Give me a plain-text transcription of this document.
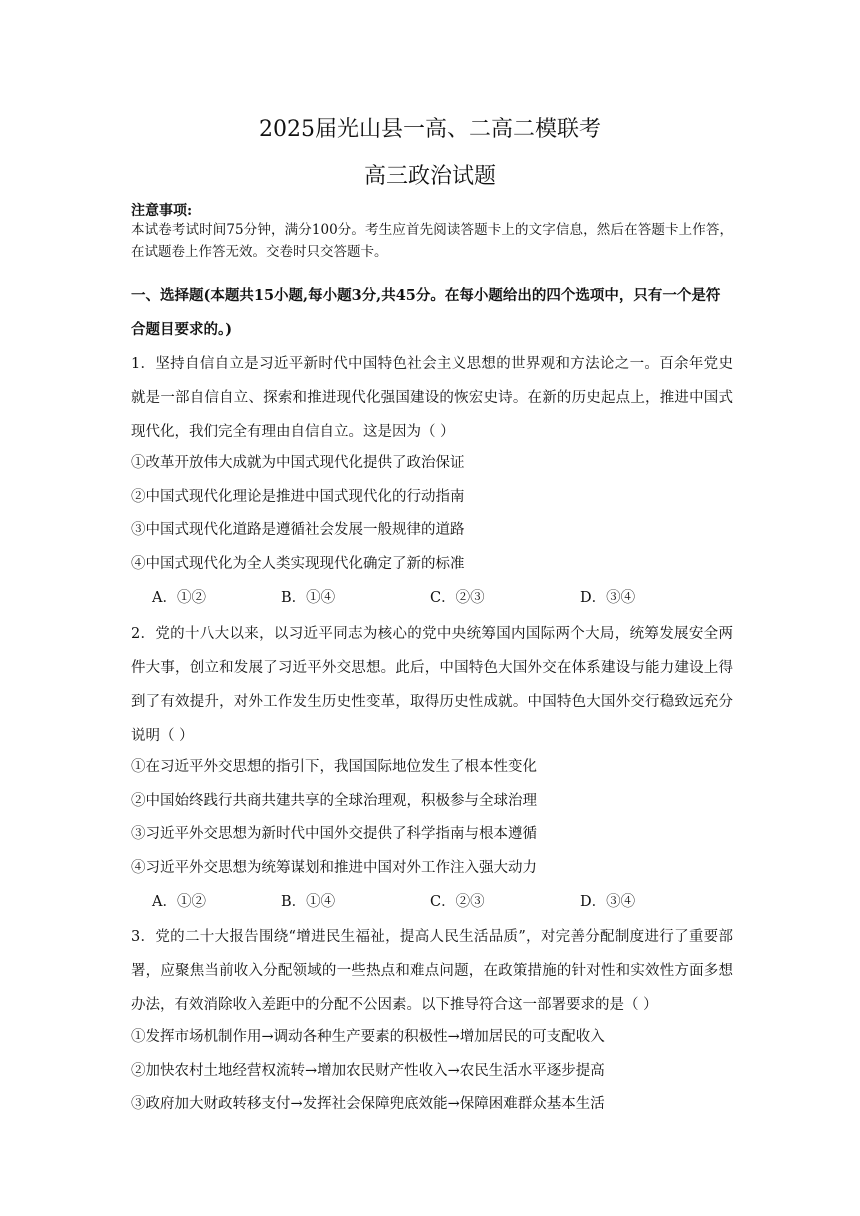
2025届光山县一高、二高二模联考
高三政治试题
注意事项:
本试卷考试时间75分钟，满分100分。考生应首先阅读答题卡上的文字信息，然后在答题卡上作答，在试题卷上作答无效。交卷时只交答题卡。
一、选择题(本题共15小题,每小题3分,共45分。在每小题给出的四个选项中，只有一个是符合题目要求的。)
1．坚持自信自立是习近平新时代中国特色社会主义思想的世界观和方法论之一。百余年党史就是一部自信自立、探索和推进现代化强国建设的恢宏史诗。在新的历史起点上，推进中国式现代化，我们完全有理由自信自立。这是因为（ ）
①改革开放伟大成就为中国式现代化提供了政治保证
②中国式现代化理论是推进中国式现代化的行动指南
③中国式现代化道路是遵循社会发展一般规律的道路
④中国式现代化为全人类实现现代化确定了新的标准
A．①②	B．①④	C．②③	D．③④
2．党的十八大以来，以习近平同志为核心的党中央统筹国内国际两个大局，统筹发展安全两件大事，创立和发展了习近平外交思想。此后，中国特色大国外交在体系建设与能力建设上得到了有效提升，对外工作发生历史性变革，取得历史性成就。中国特色大国外交行稳致远充分说明（ ）
①在习近平外交思想的指引下，我国国际地位发生了根本性变化
②中国始终践行共商共建共享的全球治理观，积极参与全球治理
③习近平外交思想为新时代中国外交提供了科学指南与根本遵循
④习近平外交思想为统筹谋划和推进中国对外工作注入强大动力
A．①②	B．①④	C．②③	D．③④
3．党的二十大报告围绕“增进民生福祉，提高人民生活品质”，对完善分配制度进行了重要部署，应聚焦当前收入分配领域的一些热点和难点问题，在政策措施的针对性和实效性方面多想办法，有效消除收入差距中的分配不公因素。以下推导符合这一部署要求的是（ ）
①发挥市场机制作用→调动各种生产要素的积极性→增加居民的可支配收入
②加快农村土地经营权流转→增加农民财产性收入→农民生活水平逐步提高
③政府加大财政转移支付→发挥社会保障兜底效能→保障困难群众基本生活
